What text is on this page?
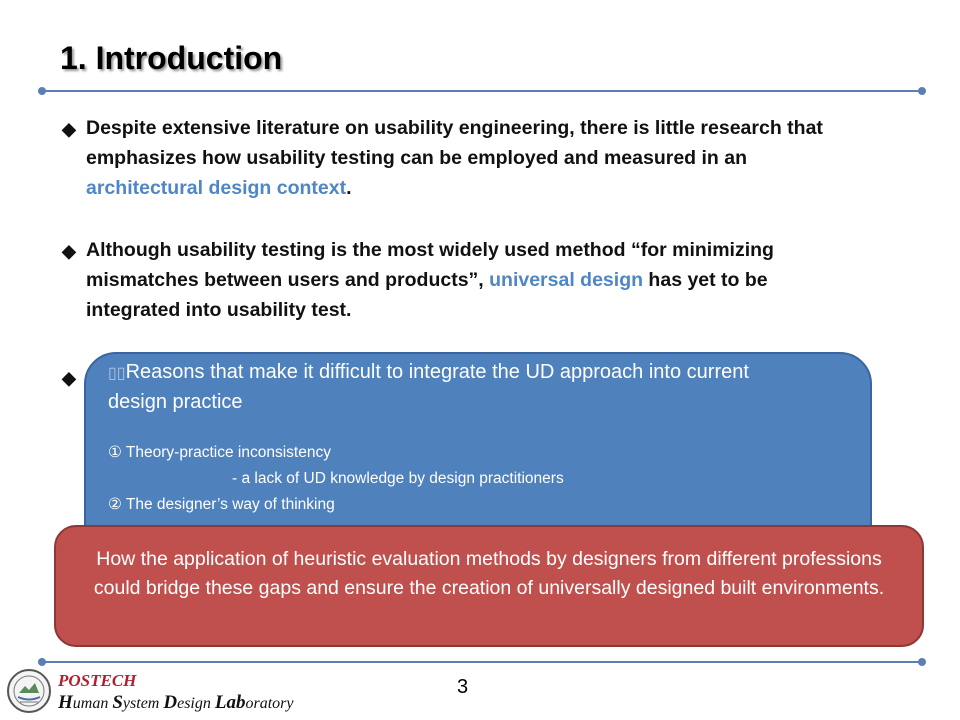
1. Introduction
◆ Despite extensive literature on usability engineering, there is little research that emphasizes how usability testing can be employed and measured in an architectural design context.
◆ Although usability testing is the most widely used method “for minimizing mismatches between users and products”, universal design has yet to be integrated into usability test.
◆ ▯▯Reasons that make it difficult to integrate the UD approach into current design practice
① Theory-practice inconsistency
- a lack of UD knowledge by design practitioners
② The designer’s way of thinking
How the application of heuristic evaluation methods by designers from different professions could bridge these gaps and ensure the creation of universally designed built environments.
POSTECH
Human System Design Laboratory
3
